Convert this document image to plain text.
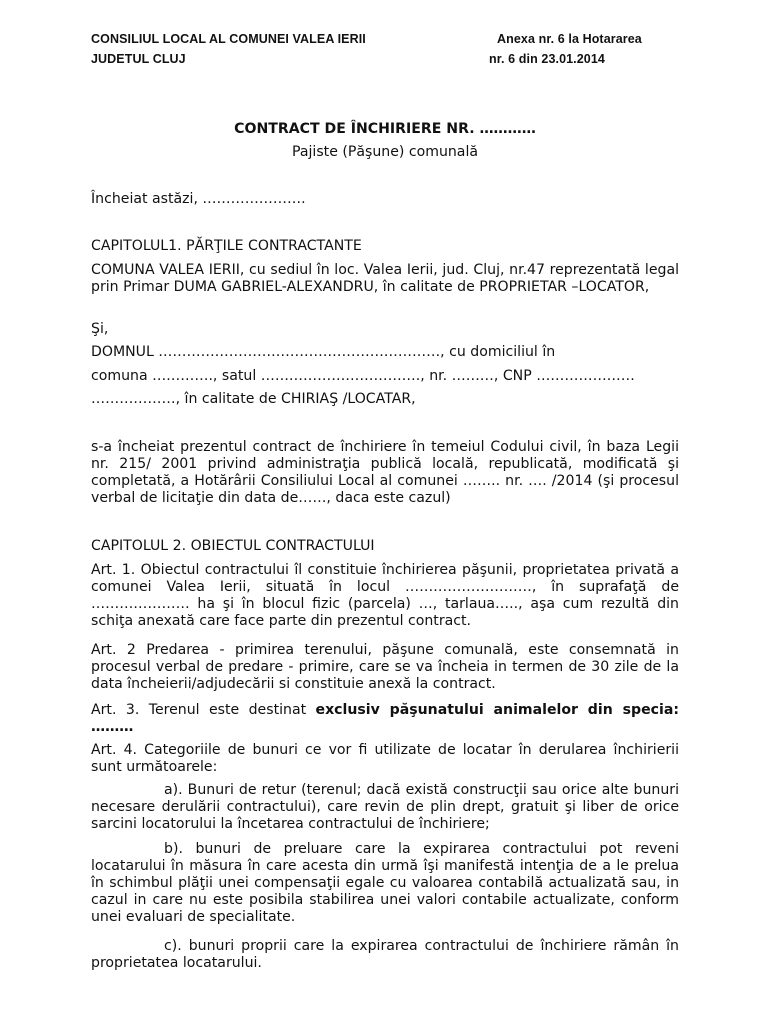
CONSILIUL LOCAL AL COMUNEI VALEA IERII
JUDETUL CLUJ
Anexa nr. 6 la Hotararea
nr. 6 din 23.01.2014
CONTRACT DE ÎNCHIRIERE NR. …………
Pajiste (Păşune) comunală
Încheiat astăzi, ………………….
CAPITOLUL1. PĂRŢILE CONTRACTANTE
COMUNA VALEA IERII, cu sediul în loc. Valea Ierii, jud. Cluj, nr.47 reprezentată legal prin Primar DUMA GABRIEL-ALEXANDRU, în calitate de PROPRIETAR –LOCATOR,
Şi,
DOMNUL ……………………………………………………, cu domiciliul în
comuna …………., satul ……………………………., nr. ………, CNP …………………
………………, în calitate de CHIRIAŞ /LOCATAR,
s-a încheiat prezentul contract de închiriere în temeiul Codului civil, în baza Legii nr. 215/ 2001 privind administraţia publică locală, republicată, modificată şi completată, a Hotărârii Consiliului Local al comunei …….. nr. …. /2014 (şi procesul verbal de licitaţie din data de……, daca este cazul)
CAPITOLUL 2. OBIECTUL CONTRACTULUI
Art. 1. Obiectul contractului îl constituie închirierea păşunii, proprietatea privată a comunei Valea Ierii, situată în locul ………………………, în suprafaţă de ………………… ha şi în blocul fizic (parcela) …, tarlaua….., aşa cum rezultă din schiţa anexată care face parte din prezentul contract.
Art. 2 Predarea - primirea terenului, păşune comunală, este consemnată in procesul verbal de predare - primire, care se va încheia in termen de 30 zile de la data încheierii/adjudecării si constituie anexă la contract.
Art. 3. Terenul este destinat exclusiv păşunatului animalelor din specia: ………
Art. 4. Categoriile de bunuri ce vor fi utilizate de locatar în derularea închirierii sunt următoarele:

a). Bunuri de retur (terenul; dacă există construcţii sau orice alte bunuri necesare derulării contractului), care revin de plin drept, gratuit şi liber de orice sarcini locatorului la încetarea contractului de închiriere;

b). bunuri de preluare care la expirarea contractului pot reveni locatarului în măsura în care acesta din urmă îşi manifestă intenţia de a le prelua în schimbul plăţii unei compensaţii egale cu valoarea contabilă actualizată sau, in cazul in care nu este posibila stabilirea unei valori contabile actualizate, conform unei evaluari de specialitate.

c). bunuri proprii care la expirarea contractului de închiriere rămân în proprietatea locatarului.
